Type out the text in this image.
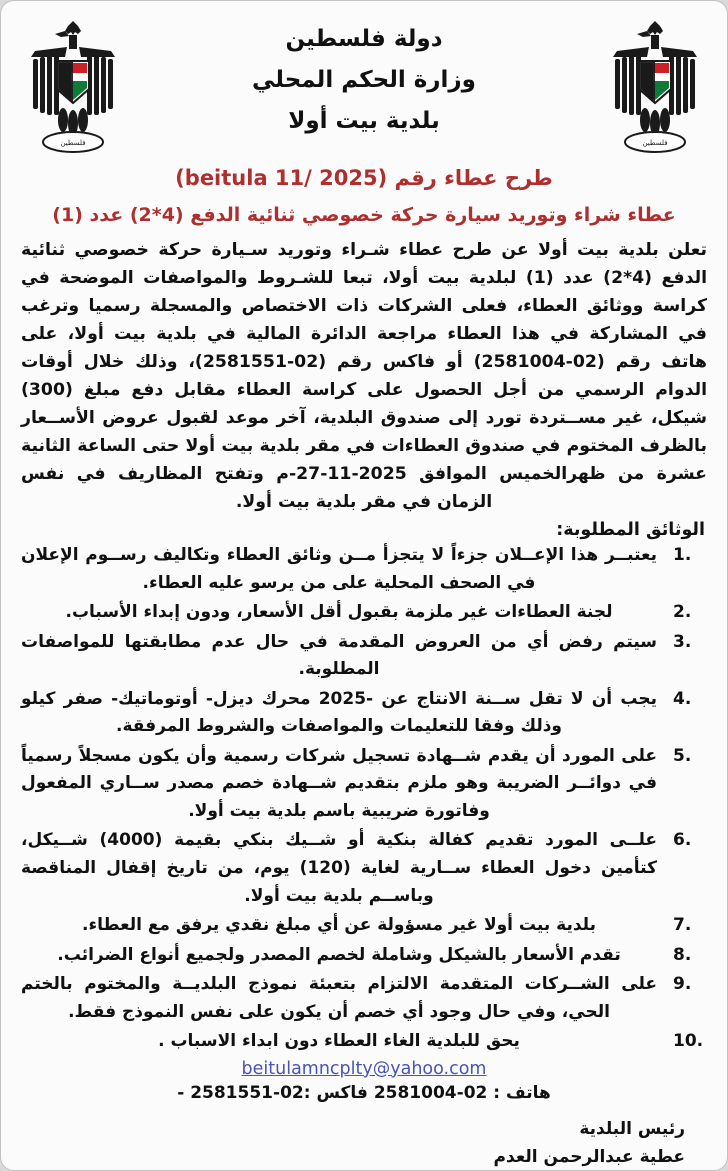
فلسطين
دولة فلسطين
وزارة الحكم المحلي
بلدية بيت أولا
فلسطين
طرح عطاء رقم (beitula 11/ 2025)
عطاء شراء وتوريد سيارة حركة خصوصي ثنائية الدفع (4*2) عدد (1)
تعلن بلدية بيت أولا عن طرح عطاء شـراء وتوريد سـيارة حركة خصوصي ثنائية الدفع (4*2) عدد (1) لبلدية بيت أولا، تبعا للشـروط والمواصفات الموضحة في كراسة ووثائق العطاء، فعلى الشركات ذات الاختصاص والمسجلة رسميا وترغب في المشاركة في هذا العطاء مراجعة الدائرة المالية في بلدية بيت أولا، على هاتف رقم (02-2581004) أو فاكس رقم (02-2581551)، وذلك خلال أوقات الدوام الرسمي من أجل الحصول على كراسة العطاء مقابل دفع مبلغ (300) شيكل، غير مســتردة تورد إلى صندوق البلدية، آخر موعد لقبول عروض الأســعار بالظرف المختوم في صندوق العطاءات في مقر بلدية بيت أولا حتى الساعة الثانية عشرة من ظهرالخميس الموافق 2025-11-27-م وتفتح المظاريف في نفس الزمان في مقر بلدية بيت أولا.
الوثائق المطلوبة:
1.
يعتبــر هذا الإعــلان جزءاً لا يتجزأ مــن وثائق العطاء وتكاليف رســوم الإعلان في الصحف المحلية على من يرسو عليه العطاء.
2.
لجنة العطاءات غير ملزمة بقبول أقل الأسعار، ودون إبداء الأسباب.
3.
سيتم رفض أي من العروض المقدمة في حال عدم مطابقتها للمواصفات المطلوبة.
4.
يجب أن لا تقل ســنة الانتاج عن -2025 محرك ديزل- أوتوماتيك- صفر كيلو وذلك وفقا للتعليمات والمواصفات والشروط المرفقة.
5.
على المورد أن يقدم شــهادة تسجيل شركات رسمية وأن يكون مسجلاً رسمياً في دوائــر الضريبة وهو ملزم بتقديم شــهادة خصم مصدر ســاري المفعول وفاتورة ضريبية باسم بلدية بيت أولا.
6.
علــى المورد تقديم كفالة بنكية أو شــيك بنكي بقيمة (4000) شــيكل، كتأمين دخول العطاء ســارية لغاية (120) يوم، من تاريخ إقفال المناقصة وباســم بلدية بيت أولا.
7.
بلدية بيت أولا غير مسؤولة عن أي مبلغ نقدي يرفق مع العطاء.
8.
تقدم الأسعار بالشيكل وشاملة لخصم المصدر ولجميع أنواع الضرائب.
9.
على الشــركات المتقدمة الالتزام بتعبئة نموذج البلديــة والمختوم بالختم الحي، وفي حال وجود أي خصم أن يكون على نفس النموذج فقط.
10.
يحق للبلدية الغاء العطاء دون ابداء الاسباب .
beitulamncplty@yahoo.com
هاتف : 02-2581004 فاكس :02-2581551 -
رئيس البلدية
عطية عبدالرحمن العدم
